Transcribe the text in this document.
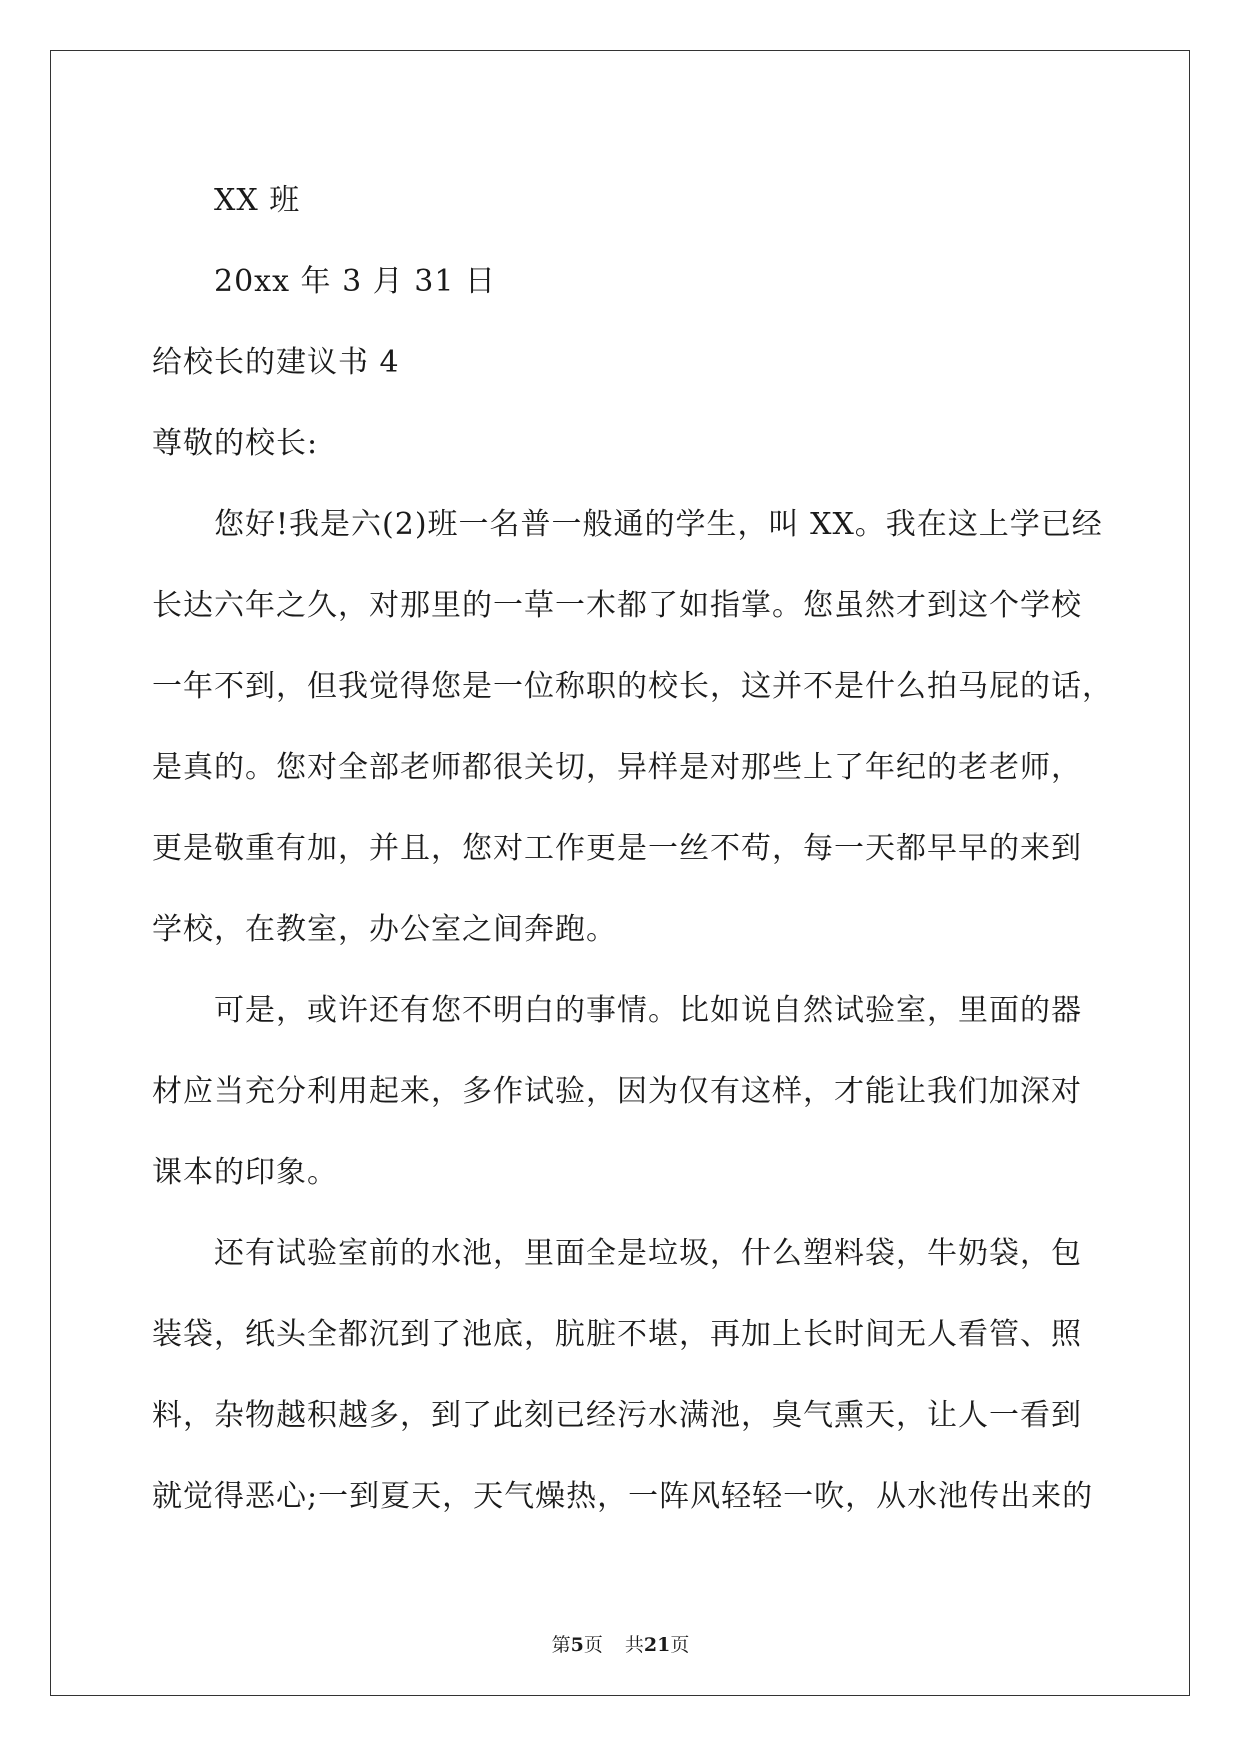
XX 班
20xx 年 3 月 31 日
给校长的建议书 4
尊敬的校长:
您好!我是六(2)班一名普一般通的学生，叫 XX。我在这上学已经
长达六年之久，对那里的一草一木都了如指掌。您虽然才到这个学校
一年不到，但我觉得您是一位称职的校长，这并不是什么拍马屁的话，
是真的。您对全部老师都很关切，异样是对那些上了年纪的老老师，
更是敬重有加，并且，您对工作更是一丝不苟，每一天都早早的来到
学校，在教室，办公室之间奔跑。
可是，或许还有您不明白的事情。比如说自然试验室，里面的器
材应当充分利用起来，多作试验，因为仅有这样，才能让我们加深对
课本的印象。
还有试验室前的水池，里面全是垃圾，什么塑料袋，牛奶袋，包
装袋，纸头全都沉到了池底，肮脏不堪，再加上长时间无人看管、照
料，杂物越积越多，到了此刻已经污水满池，臭气熏天，让人一看到
就觉得恶心;一到夏天，天气燥热，一阵风轻轻一吹，从水池传出来的
第5页 共21页
